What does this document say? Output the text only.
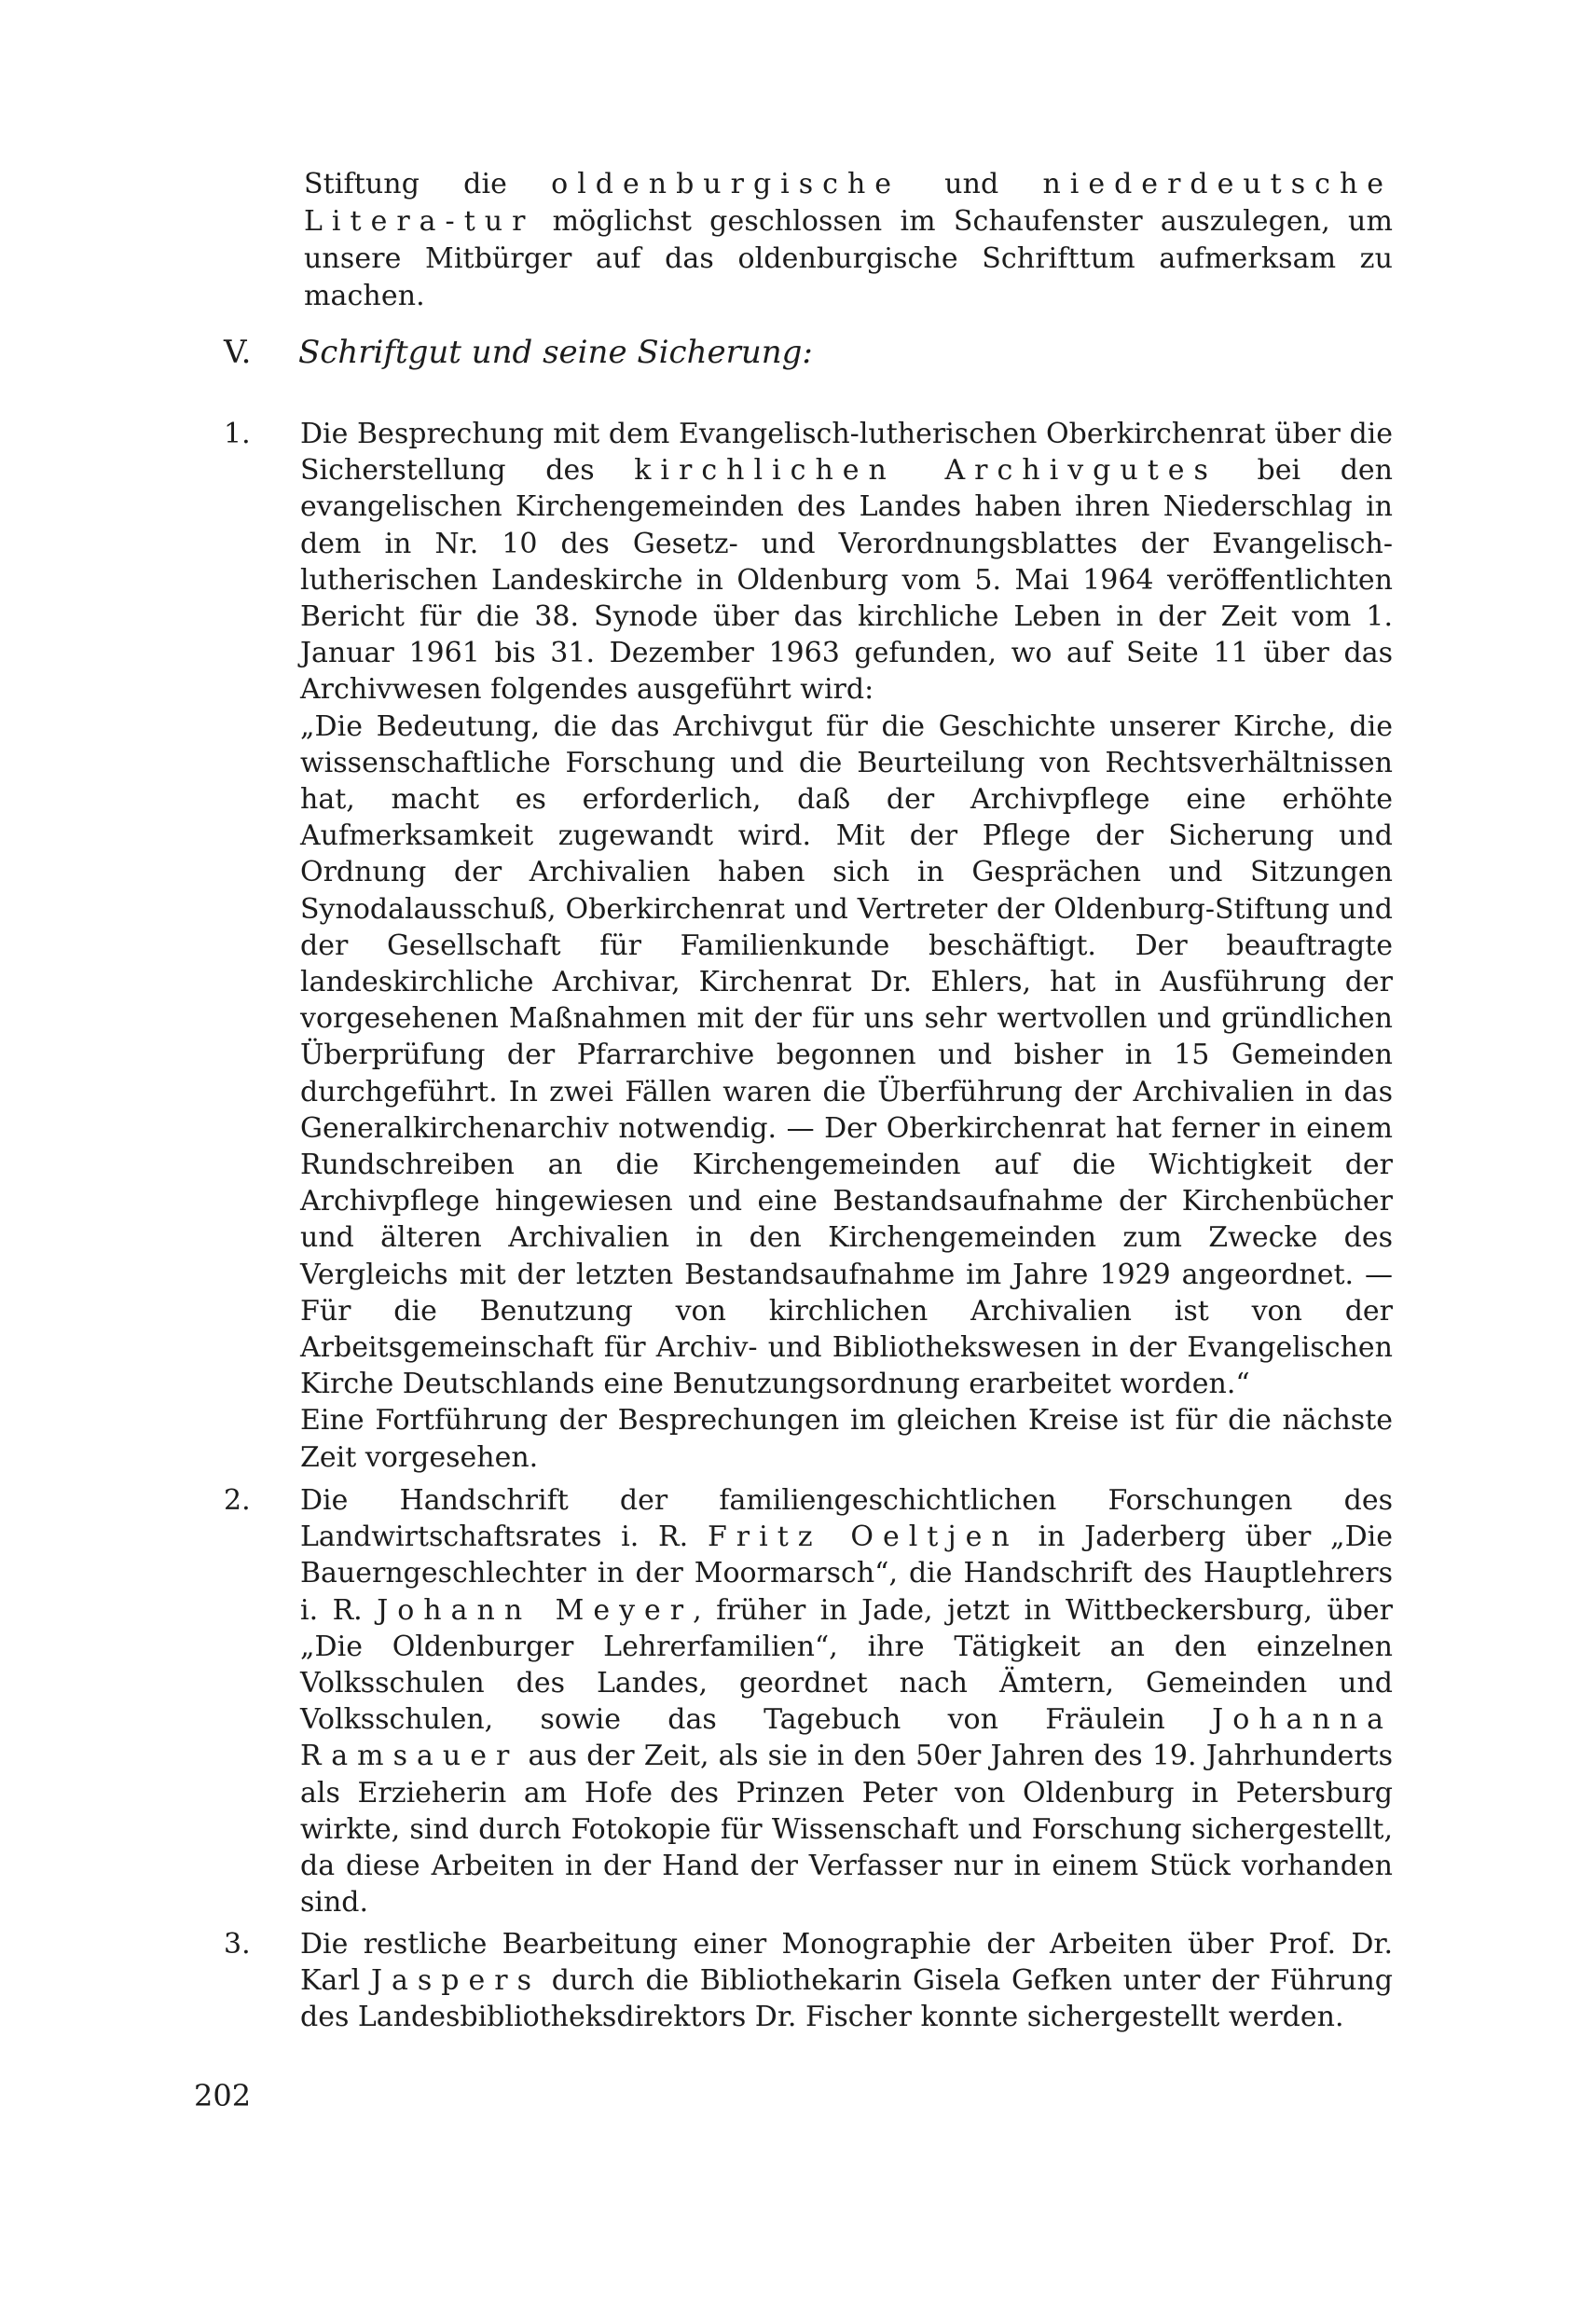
Stiftung die oldenburgische und niederdeutsche Litera-tur möglichst geschlossen im Schaufenster auszulegen, um unsere Mitbürger auf das oldenburgische Schrifttum aufmerksam zu machen.

V. Schriftgut und seine Sicherung:
1.	Die Besprechung mit dem Evangelisch-lutherischen Oberkirchenrat über die Sicherstellung des kirchlichen Archivgutes bei den evangelischen Kirchengemeinden des Landes haben ihren Niederschlag in dem in Nr. 10 des Gesetz- und Verordnungsblattes der Evangelisch-lutherischen Landeskirche in Oldenburg vom 5. Mai 1964 veröffentlichten Bericht für die 38. Synode über das kirchliche Leben in der Zeit vom 1. Januar 1961 bis 31. Dezember 1963 gefunden, wo auf Seite 11 über das Archivwesen folgendes ausgeführt wird:
„Die Bedeutung, die das Archivgut für die Geschichte unserer Kirche, die wissenschaftliche Forschung und die Beurteilung von Rechtsverhältnissen hat, macht es erforderlich, daß der Archivpflege eine erhöhte Aufmerksamkeit zugewandt wird. Mit der Pflege der Sicherung und Ordnung der Archivalien haben sich in Gesprächen und Sitzungen Synodalausschuß, Oberkirchenrat und Vertreter der Oldenburg-Stiftung und der Gesellschaft für Familienkunde beschäftigt. Der beauftragte landeskirchliche Archivar, Kirchenrat Dr. Ehlers, hat in Ausführung der vorgesehenen Maßnahmen mit der für uns sehr wertvollen und gründlichen Überprüfung der Pfarrarchive begonnen und bisher in 15 Gemeinden durchgeführt. In zwei Fällen waren die Überführung der Archivalien in das Generalkirchenarchiv notwendig. — Der Oberkirchenrat hat ferner in einem Rundschreiben an die Kirchengemeinden auf die Wichtigkeit der Archivpflege hingewiesen und eine Bestandsaufnahme der Kirchenbücher und älteren Archivalien in den Kirchengemeinden zum Zwecke des Vergleichs mit der letzten Bestandsaufnahme im Jahre 1929 angeordnet. — Für die Benutzung von kirchlichen Archivalien ist von der Arbeitsgemeinschaft für Archiv- und Bibliothekswesen in der Evangelischen Kirche Deutschlands eine Benutzungsordnung erarbeitet worden.“
Eine Fortführung der Besprechungen im gleichen Kreise ist für die nächste Zeit vorgesehen.
2.	Die Handschrift der familiengeschichtlichen Forschungen des Landwirtschaftsrates i. R. Fritz Oeltjen in Jaderberg über „Die Bauerngeschlechter in der Moormarsch“, die Handschrift des Hauptlehrers i. R. Johann Meyer, früher in Jade, jetzt in Wittbeckersburg, über „Die Oldenburger Lehrerfamilien“, ihre Tätigkeit an den einzelnen Volksschulen des Landes, geordnet nach Ämtern, Gemeinden und Volksschulen, sowie das Tagebuch von Fräulein Johanna Ramsauer aus der Zeit, als sie in den 50er Jahren des 19. Jahrhunderts als Erzieherin am Hofe des Prinzen Peter von Oldenburg in Petersburg wirkte, sind durch Fotokopie für Wissenschaft und Forschung sichergestellt, da diese Arbeiten in der Hand der Verfasser nur in einem Stück vorhanden sind.
3.	Die restliche Bearbeitung einer Monographie der Arbeiten über Prof. Dr. Karl Jaspers durch die Bibliothekarin Gisela Gefken unter der Führung des Landesbibliotheksdirektors Dr. Fischer konnte sichergestellt werden.
202
